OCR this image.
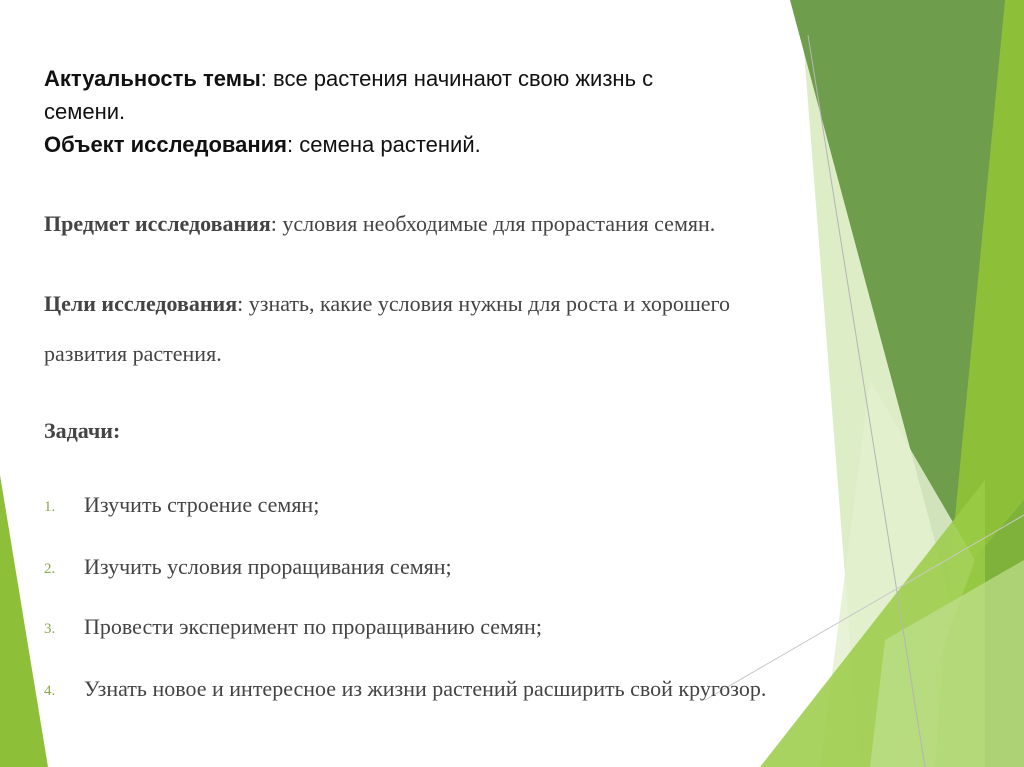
Актуальность темы: все растения начинают свою жизнь с

семени.

Объект исследования: семена растений.

Предмет исследования: условия необходимые для прорастания семян.

Цели исследования: узнать, какие условия нужны для роста и хорошего

развития растения.

Задачи:

1. Изучить строение семян;
2. Изучить условия проращивания семян;
3. Провести эксперимент по проращиванию семян;
4. Узнать новое и интересное из жизни растений расширить свой кругозор.
